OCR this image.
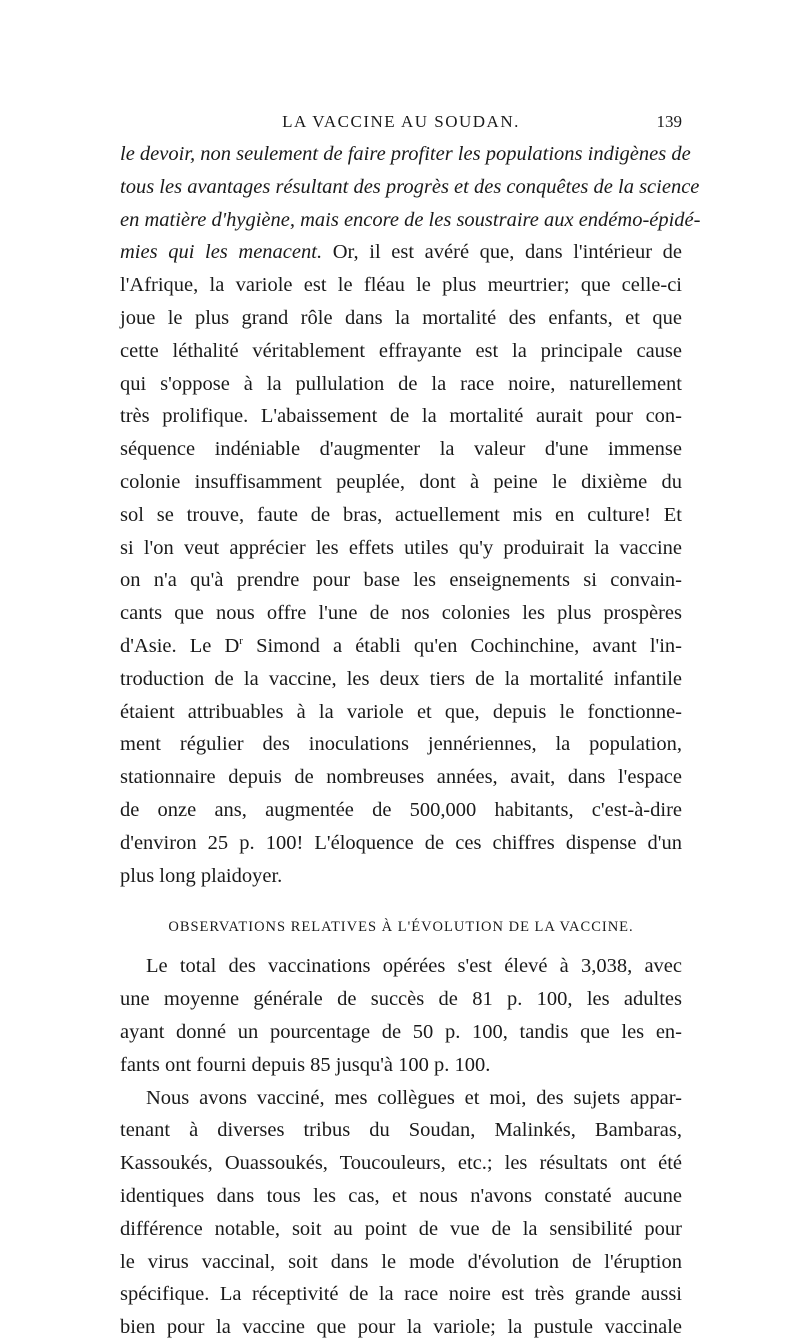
LA VACCINE AU SOUDAN.	139
le devoir, non seulement de faire profiter les populations indigènes de
tous les avantages résultant des progrès et des conquêtes de la science
en matière d'hygiène, mais encore de les soustraire aux endémo-épidé-
mies qui les menacent. Or, il est avéré que, dans l'intérieur de
l'Afrique, la variole est le fléau le plus meurtrier; que celle-ci
joue le plus grand rôle dans la mortalité des enfants, et que
cette léthalité véritablement effrayante est la principale cause
qui s'oppose à la pullulation de la race noire, naturellement
très prolifique. L'abaissement de la mortalité aurait pour con-
séquence indéniable d'augmenter la valeur d'une immense
colonie insuffisamment peuplée, dont à peine le dixième du
sol se trouve, faute de bras, actuellement mis en culture! Et
si l'on veut apprécier les effets utiles qu'y produirait la vaccine
on n'a qu'à prendre pour base les enseignements si convain-
cants que nous offre l'une de nos colonies les plus prospères
d'Asie. Le $D^r$ Simond a établi qu'en Cochinchine, avant l'in-
troduction de la vaccine, les deux tiers de la mortalité infantile
étaient attribuables à la variole et que, depuis le fonctionne-
ment régulier des inoculations jennériennes, la population,
stationnaire depuis de nombreuses années, avait, dans l'espace
de onze ans, augmentée de 500,000 habitants, c'est-à-dire
d'environ 25 p. 100! L'éloquence de ces chiffres dispense d'un
plus long plaidoyer.
OBSERVATIONS RELATIVES À L'ÉVOLUTION DE LA VACCINE.
Le total des vaccinations opérées s'est élevé à 3,038, avec
une moyenne générale de succès de 81 p. 100, les adultes
ayant donné un pourcentage de 50 p. 100, tandis que les en-
fants ont fourni depuis 85 jusqu'à 100 p. 100.
Nous avons vacciné, mes collègues et moi, des sujets appar-
tenant à diverses tribus du Soudan, Malinkés, Bambaras,
Kassoukés, Ouassoukés, Toucouleurs, etc.; les résultats ont été
identiques dans tous les cas, et nous n'avons constaté aucune
différence notable, soit au point de vue de la sensibilité pour
le virus vaccinal, soit dans le mode d'évolution de l'éruption
spécifique. La réceptivité de la race noire est très grande aussi
bien pour la vaccine que pour la variole; la pustule vaccinale
